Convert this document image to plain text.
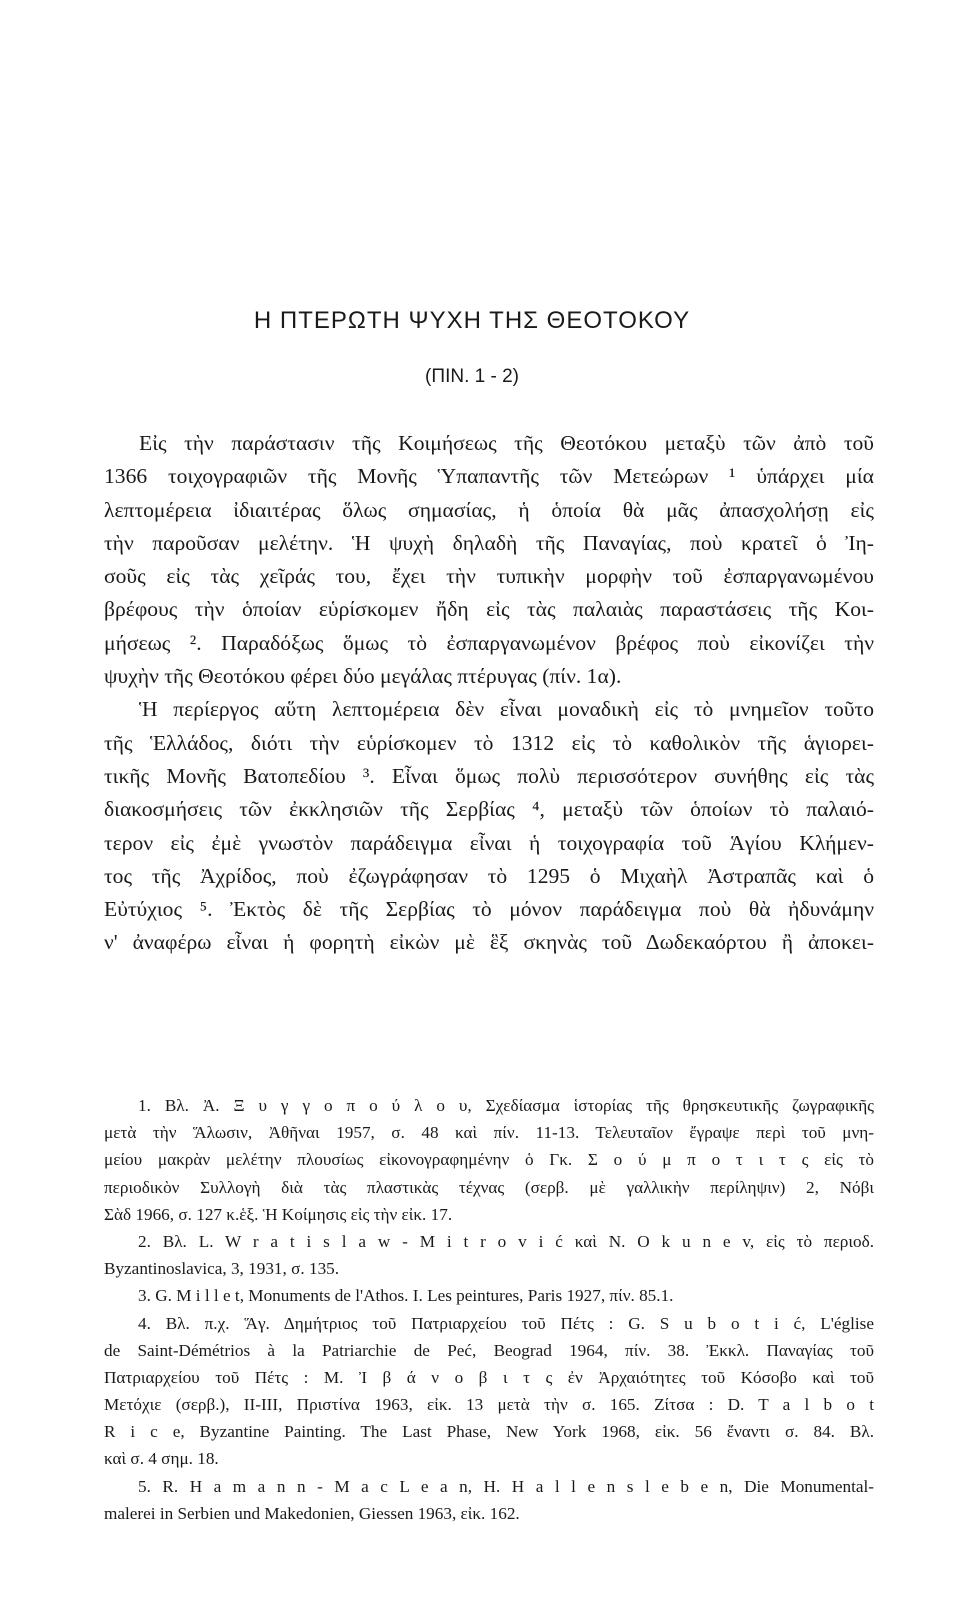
Η ΠΤΕΡΩΤΗ ΨΥΧΗ ΤΗΣ ΘΕΟΤΟΚΟΥ
(ΠΙΝ. 1 - 2)
Εἰς τὴν παράστασιν τῆς Κοιμήσεως τῆς Θεοτόκου μεταξὺ τῶν ἀπὸ τοῦ
1366 τοιχογραφιῶν τῆς Μονῆς Ὑπαπαντῆς τῶν Μετεώρων ¹ ὑπάρχει μία
λεπτομέρεια ἰδιαιτέρας ὅλως σημασίας, ἡ ὁποία θὰ μᾶς ἀπασχολήσῃ εἰς
τὴν παροῦσαν μελέτην. Ἡ ψυχὴ δηλαδὴ τῆς Παναγίας, ποὺ κρατεῖ ὁ Ἰη-
σοῦς εἰς τὰς χεῖράς του, ἔχει τὴν τυπικὴν μορφὴν τοῦ ἐσπαργανωμένου
βρέφους τὴν ὁποίαν εὑρίσκομεν ἤδη εἰς τὰς παλαιὰς παραστάσεις τῆς Κοι-
μήσεως ². Παραδόξως ὅμως τὸ ἐσπαργανωμένον βρέφος ποὺ εἰκονίζει τὴν
ψυχὴν τῆς Θεοτόκου φέρει δύο μεγάλας πτέρυγας (πίν. 1α).
Ἡ περίεργος αὕτη λεπτομέρεια δὲν εἶναι μοναδικὴ εἰς τὸ μνημεῖον τοῦτο
τῆς Ἑλλάδος, διότι τὴν εὑρίσκομεν τὸ 1312 εἰς τὸ καθολικὸν τῆς ἁγιορει-
τικῆς Μονῆς Βατοπεδίου ³. Εἶναι ὅμως πολὺ περισσότερον συνήθης εἰς τὰς
διακοσμήσεις τῶν ἐκκλησιῶν τῆς Σερβίας ⁴, μεταξὺ τῶν ὁποίων τὸ παλαιό-
τερον εἰς ἐμὲ γνωστὸν παράδειγμα εἶναι ἡ τοιχογραφία τοῦ Ἁγίου Κλήμεν-
τος τῆς Ἀχρίδος, ποὺ ἐζωγράφησαν τὸ 1295 ὁ Μιχαὴλ Ἀστραπᾶς καὶ ὁ
Εὐτύχιος ⁵. Ἐκτὸς δὲ τῆς Σερβίας τὸ μόνον παράδειγμα ποὺ θὰ ἠδυνάμην
ν' ἀναφέρω εἶναι ἡ φορητὴ εἰκὼν μὲ ἓξ σκηνὰς τοῦ Δωδεκαόρτου ἢ ἀποκει-
1. Βλ. Ἀ. Ξ υ γ γ ο π ο ύ λ ο υ, Σχεδίασμα ἱστορίας τῆς θρησκευτικῆς ζωγραφικῆς
μετὰ τὴν Ἅλωσιν, Ἀθῆναι 1957, σ. 48 καὶ πίν. 11-13. Τελευταῖον ἔγραψε περὶ τοῦ μνη-
μείου μακρὰν μελέτην πλουσίως εἰκονογραφημένην ὁ Γκ. Σ ο ύ μ π ο τ ι τ ς εἰς τὸ
περιοδικὸν Συλλογὴ διὰ τὰς πλαστικὰς τέχνας (σερβ. μὲ γαλλικὴν περίληψιν) 2, Νόβι
Σὰδ 1966, σ. 127 κ.ἑξ. Ἡ Κοίμησις εἰς τὴν εἰκ. 17.
2. Βλ. L. W r a t i s l a w - M i t r o v i ć καὶ N. O k u n e v, εἰς τὸ περιοδ.
Byzantinoslavica, 3, 1931, σ. 135.
3. G. M i l l e t, Monuments de l'Athos. I. Les peintures, Paris 1927, πίν. 85.1.
4. Βλ. π.χ. Ἅγ. Δημήτριος τοῦ Πατριαρχείου τοῦ Πέτς : G. S u b o t i ć, L'église
de Saint-Démétrios à la Patriarchie de Peć, Beograd 1964, πίν. 38. Ἐκκλ. Παναγίας τοῦ
Πατριαρχείου τοῦ Πέτς : Μ. Ἰ β ά ν ο β ι τ ς ἐν Ἀρχαιότητες τοῦ Κόσοβο καὶ τοῦ
Μετόχιε (σερβ.), ΙΙ-ΙΙΙ, Πριστίνα 1963, εἰκ. 13 μετὰ τὴν σ. 165. Ζίτσα : D. T a l b o t
R i c e, Byzantine Painting. The Last Phase, New York 1968, εἰκ. 56 ἔναντι σ. 84. Βλ.
καὶ σ. 4 σημ. 18.
5. R. H a m a n n - M a c L e a n, H. H a l l e n s l e b e n, Die Monumental-
malerei in Serbien und Makedonien, Giessen 1963, εἰκ. 162.
